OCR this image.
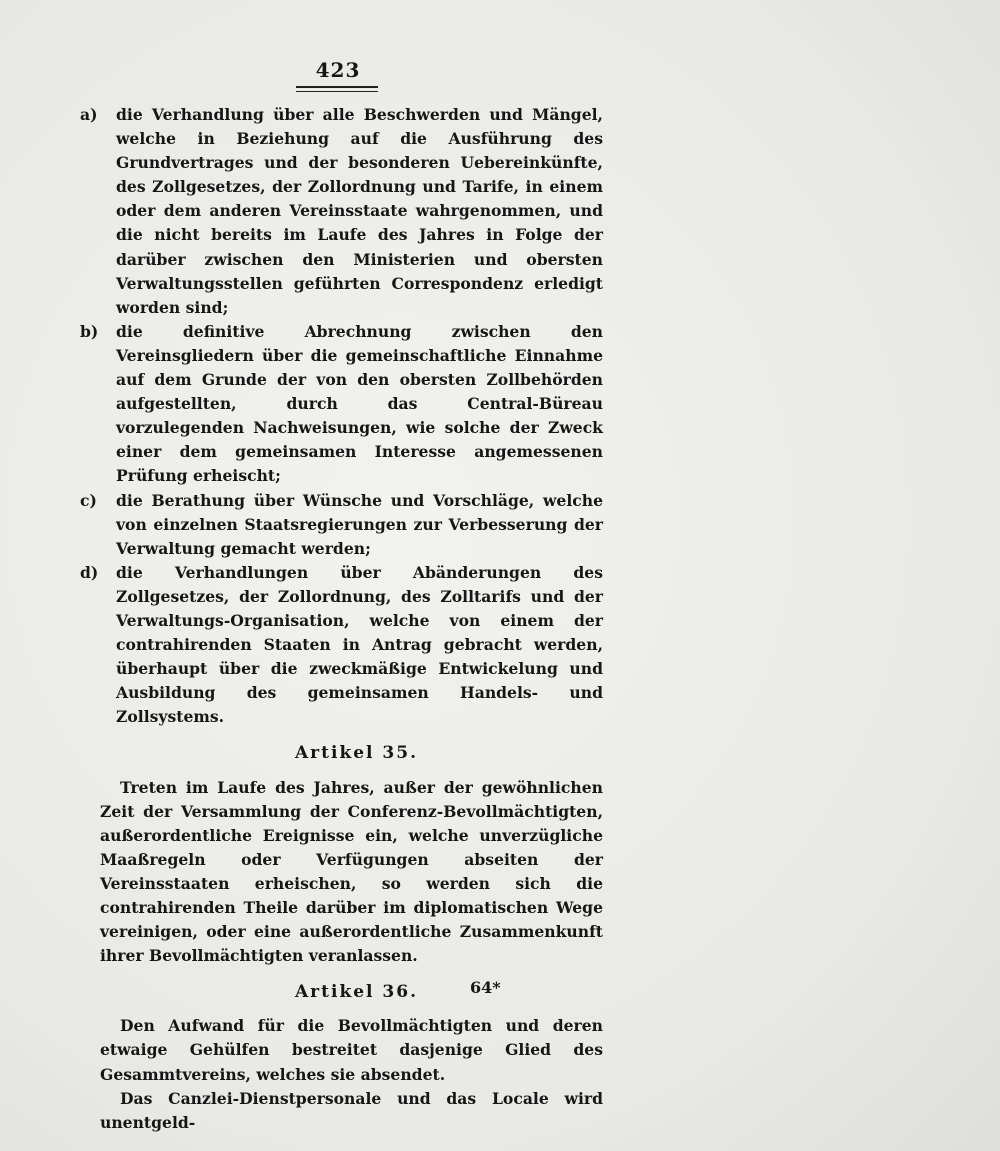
423
a)	die Verhandlung über alle Beschwerden und Mängel, welche in Beziehung auf die Ausführung des Grundvertrages und der besonderen Uebereinkünfte, des Zollgesetzes, der Zollordnung und Tarife, in einem oder dem anderen Vereinsstaate wahrgenommen, und die nicht bereits im Laufe des Jahres in Folge der darüber zwischen den Ministerien und obersten Verwaltungsstellen geführten Correspondenz erledigt worden sind;
b)	die definitive Abrechnung zwischen den Vereinsgliedern über die gemeinschaftliche Einnahme auf dem Grunde der von den obersten Zollbehörden aufgestellten, durch das Central-Büreau vorzulegenden Nachweisungen, wie solche der Zweck einer dem gemeinsamen Interesse angemessenen Prüfung erheischt;
c)	die Berathung über Wünsche und Vorschläge, welche von einzelnen Staatsregierungen zur Verbesserung der Verwaltung gemacht werden;
d)	die Verhandlungen über Abänderungen des Zollgesetzes, der Zollordnung, des Zolltarifs und der Verwaltungs-Organisation, welche von einem der contrahirenden Staaten in Antrag gebracht werden, überhaupt über die zweckmäßige Entwickelung und Ausbildung des gemeinsamen Handels- und Zollsystems.
Artikel 35.
Treten im Laufe des Jahres, außer der gewöhnlichen Zeit der Versammlung der Conferenz-Bevollmächtigten, außerordentliche Ereignisse ein, welche unverzügliche Maaßregeln oder Verfügungen abseiten der Vereinsstaaten erheischen, so werden sich die contrahirenden Theile darüber im diplomatischen Wege vereinigen, oder eine außerordentliche Zusammenkunft ihrer Bevollmächtigten veranlassen.
Artikel 36.
Den Aufwand für die Bevollmächtigten und deren etwaige Gehülfen bestreitet dasjenige Glied des Gesammtvereins, welches sie absendet.
Das Canzlei-Dienstpersonale und das Locale wird unentgeld-
64*
